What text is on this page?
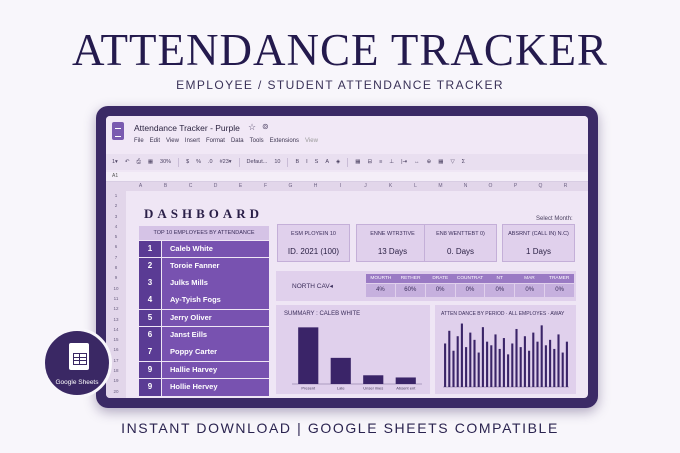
ATTENDANCE TRACKER
EMPLOYEE / STUDENT ATTENDANCE TRACKER
Attendance Tracker - Purple ☆ ⊚
File Edit View Insert Format Data Tools Extensions View
1▾ ↶ ⎙ ▦ 30%	$ % .0 #23▾	Defaut... 10	B I S A ◈	▦ ⊟ ≡ ⊥ |⇥ ↔ ⊕ ▦ ▽ Σ
A1
A	B	C	D	E	F	G	H	I	J	K	L	M	N	O	P	Q	R
1
2
3
4
5
6
7
8
9
10
11
12
13
14
15
16
17
18
19
20
DASHBOARD	Select Month:
TOP 10 EMPLOYEES BY ATTENDANCE
1	Caleb White
2	Toroie Fanner
3	Julks Mills
4	Ay-Tyish Fogs
5	Jerry Oliver
6	Janst Eills
7	Poppy Carter
9	Hallie Harvey
9	Hollie Hervey
ESM PLOYEIN 10
ID. 2021 (100)
ENNE WTR3TIVE
13 Days
EN8 WENTTEBT 0)
0. Days
ABSRNT (CALL IN) N.C)
1 Days
NORTH CAV◂
MOURTH	RETHER	DRATE	COUNTRAT	NT	MAR	TRAMER
4%	60%	0%	0%	0%	0%	0%
SUMMARY : CALEB WHITE
Present	Late	Unser ilnes	Absent ent
ATTEN DANCE BY PERIOD · ALL EMPLOYES · AWAY
Google Sheets
INSTANT DOWNLOAD | GOOGLE SHEETS COMPATIBLE
